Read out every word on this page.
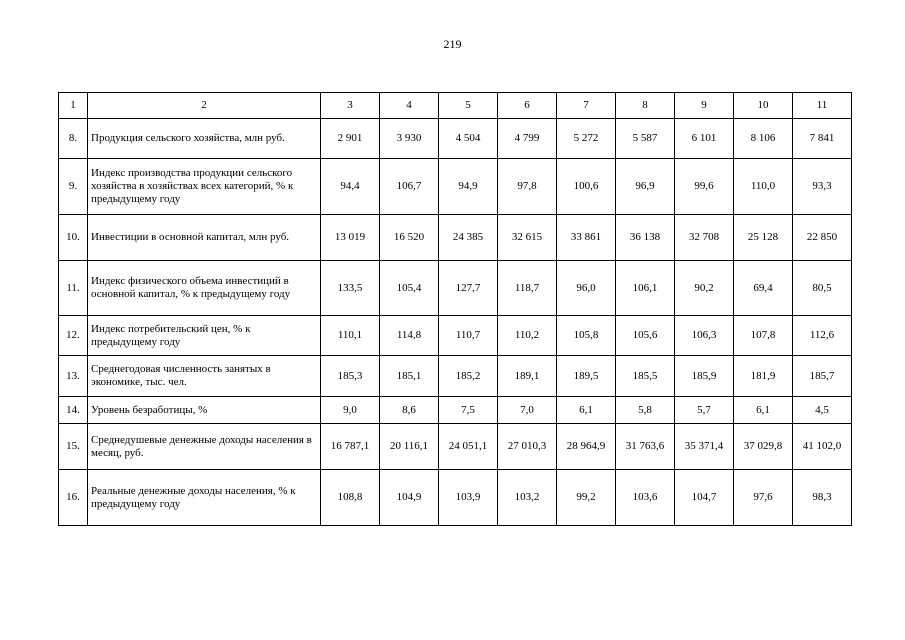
219
1	2	3	4	5	6	7	8	9	10	11
8.	Продукция сельского хозяйства, млн руб.	2 901	3 930	4 504	4 799	5 272	5 587	6 101	8 106	7 841
9.	Индекс производства продукции сельского хозяйства в хозяйствах всех категорий, % к предыдущему году	94,4	106,7	94,9	97,8	100,6	96,9	99,6	110,0	93,3
10.	Инвестиции в основной капитал, млн руб.	13 019	16 520	24 385	32 615	33 861	36 138	32 708	25 128	22 850
11.	Индекс физического объема инвестиций в основной капитал, % к предыдущему году	133,5	105,4	127,7	118,7	96,0	106,1	90,2	69,4	80,5
12.	Индекс потребительский цен, % к предыдущему году	110,1	114,8	110,7	110,2	105,8	105,6	106,3	107,8	112,6
13.	Среднегодовая численность занятых в экономике, тыс. чел.	185,3	185,1	185,2	189,1	189,5	185,5	185,9	181,9	185,7
14.	Уровень безработицы, %	9,0	8,6	7,5	7,0	6,1	5,8	5,7	6,1	4,5
15.	Среднедушевые денежные доходы населения в месяц, руб.	16 787,1	20 116,1	24 051,1	27 010,3	28 964,9	31 763,6	35 371,4	37 029,8	41 102,0
16.	Реальные денежные доходы населения, % к предыдущему году	108,8	104,9	103,9	103,2	99,2	103,6	104,7	97,6	98,3
